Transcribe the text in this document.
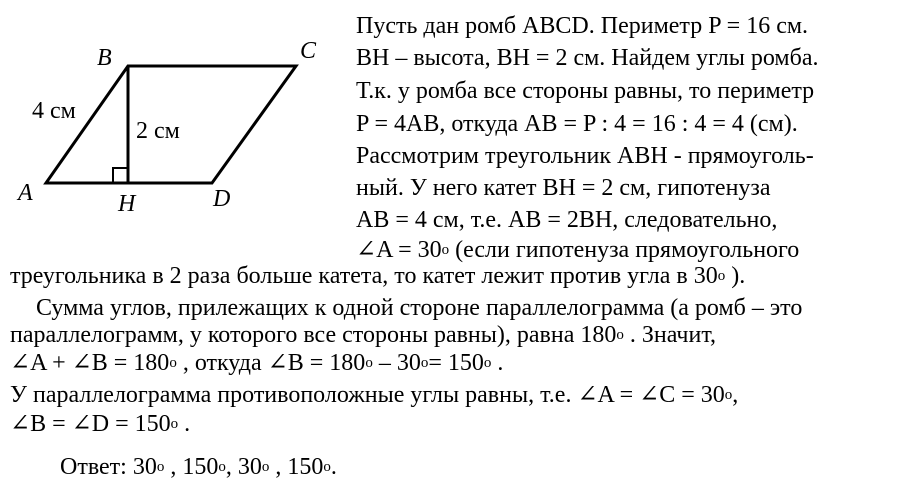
B	C
A	H	D
4 см
2 см
Пусть дан ромб ABCD. Периметр P = 16 см.
BH – высота, BH = 2 см. Найдем углы ромба.
Т.к. у ромба все стороны равны, то периметр
P = 4AB, откуда AB = P : 4 = 16 : 4 = 4 (см).
Рассмотрим треугольник ABH - прямоуголь-
ный. У него катет BH = 2 см, гипотенуза
AB = 4 см, т.е. AB = 2BH, следовательно,
∠A = $30^o$ (если гипотенуза прямоугольного
треугольника в 2 раза больше катета, то катет лежит против угла в 30$^o$ ).
Сумма углов, прилежащих к одной стороне параллелограмма (а ромб – это
параллелограмм, у которого все стороны равны), равна 180$^o$ . Значит,
∠A + ∠B = $180^o$ , откуда ∠B = $180^o - 30^o= 150^o$ .
У параллелограмма противоположные углы равны, т.е. ∠A = ∠C = $30^o$,
∠B = ∠D = $150^o$ .
Ответ: 30$^o$ , 150$^o$, 30$^o$ , 150$^o$.
